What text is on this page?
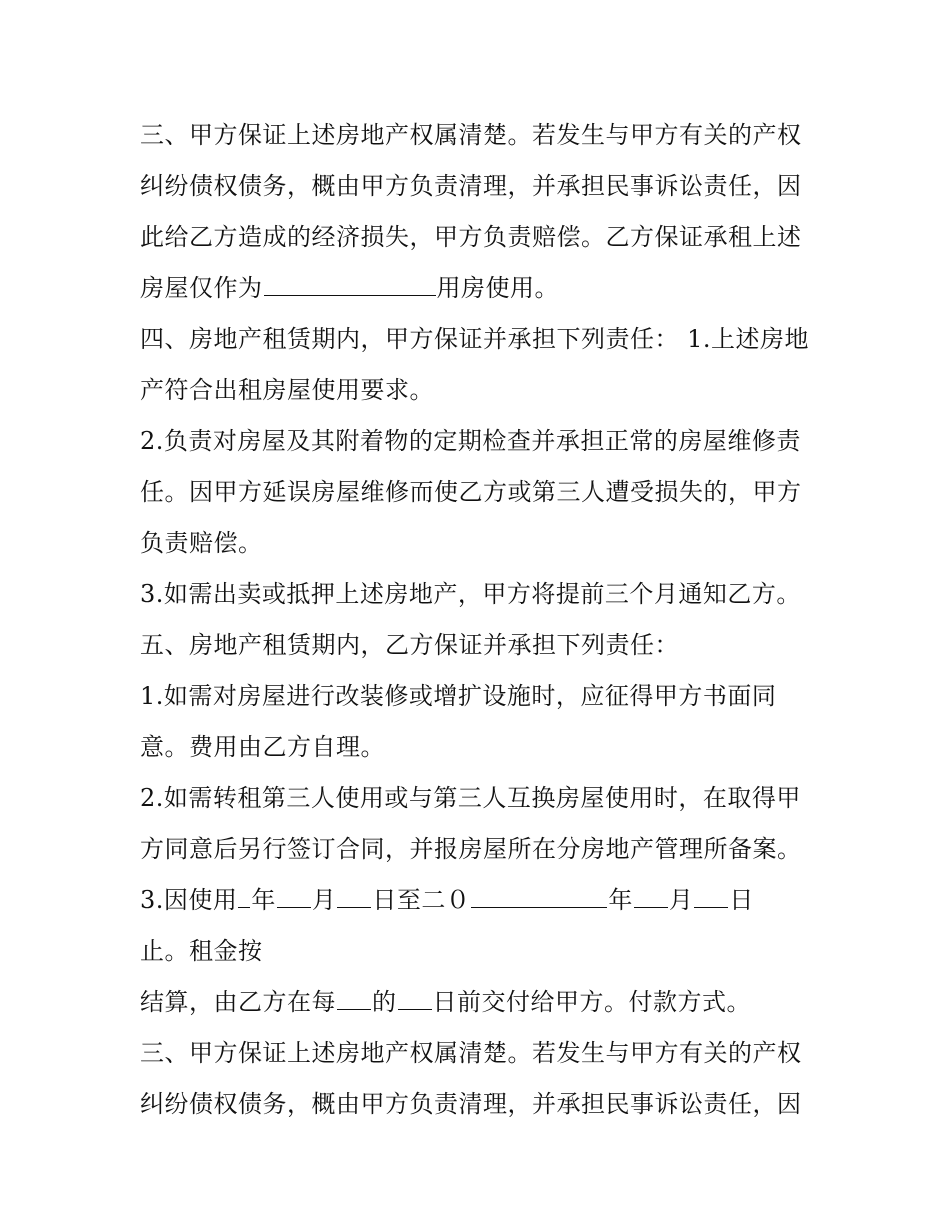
三、甲方保证上述房地产权属清楚。若发生与甲方有关的产权
纠纷债权债务，概由甲方负责清理，并承担民事诉讼责任，因
此给乙方造成的经济损失，甲方负责赔偿。乙方保证承租上述
房屋仅作为	用房使用。
四、房地产租赁期内，甲方保证并承担下列责任： 1.上述房地
产符合出租房屋使用要求。
2.负责对房屋及其附着物的定期检查并承担正常的房屋维修责
任。因甲方延误房屋维修而使乙方或第三人遭受损失的，甲方
负责赔偿。
3.如需出卖或抵押上述房地产，甲方将提前三个月通知乙方。
五、房地产租赁期内，乙方保证并承担下列责任：
1.如需对房屋进行改装修或增扩设施时，应征得甲方书面同
意。费用由乙方自理。
2.如需转租第三人使用或与第三人互换房屋使用时，在取得甲
方同意后另行签订合同，并报房屋所在分房地产管理所备案。
3.因使用 年 月 日至二０	年 月 日
止。租金按
结算，由乙方在每 的 日前交付给甲方。付款方式。
三、甲方保证上述房地产权属清楚。若发生与甲方有关的产权
纠纷债权债务，概由甲方负责清理，并承担民事诉讼责任，因
